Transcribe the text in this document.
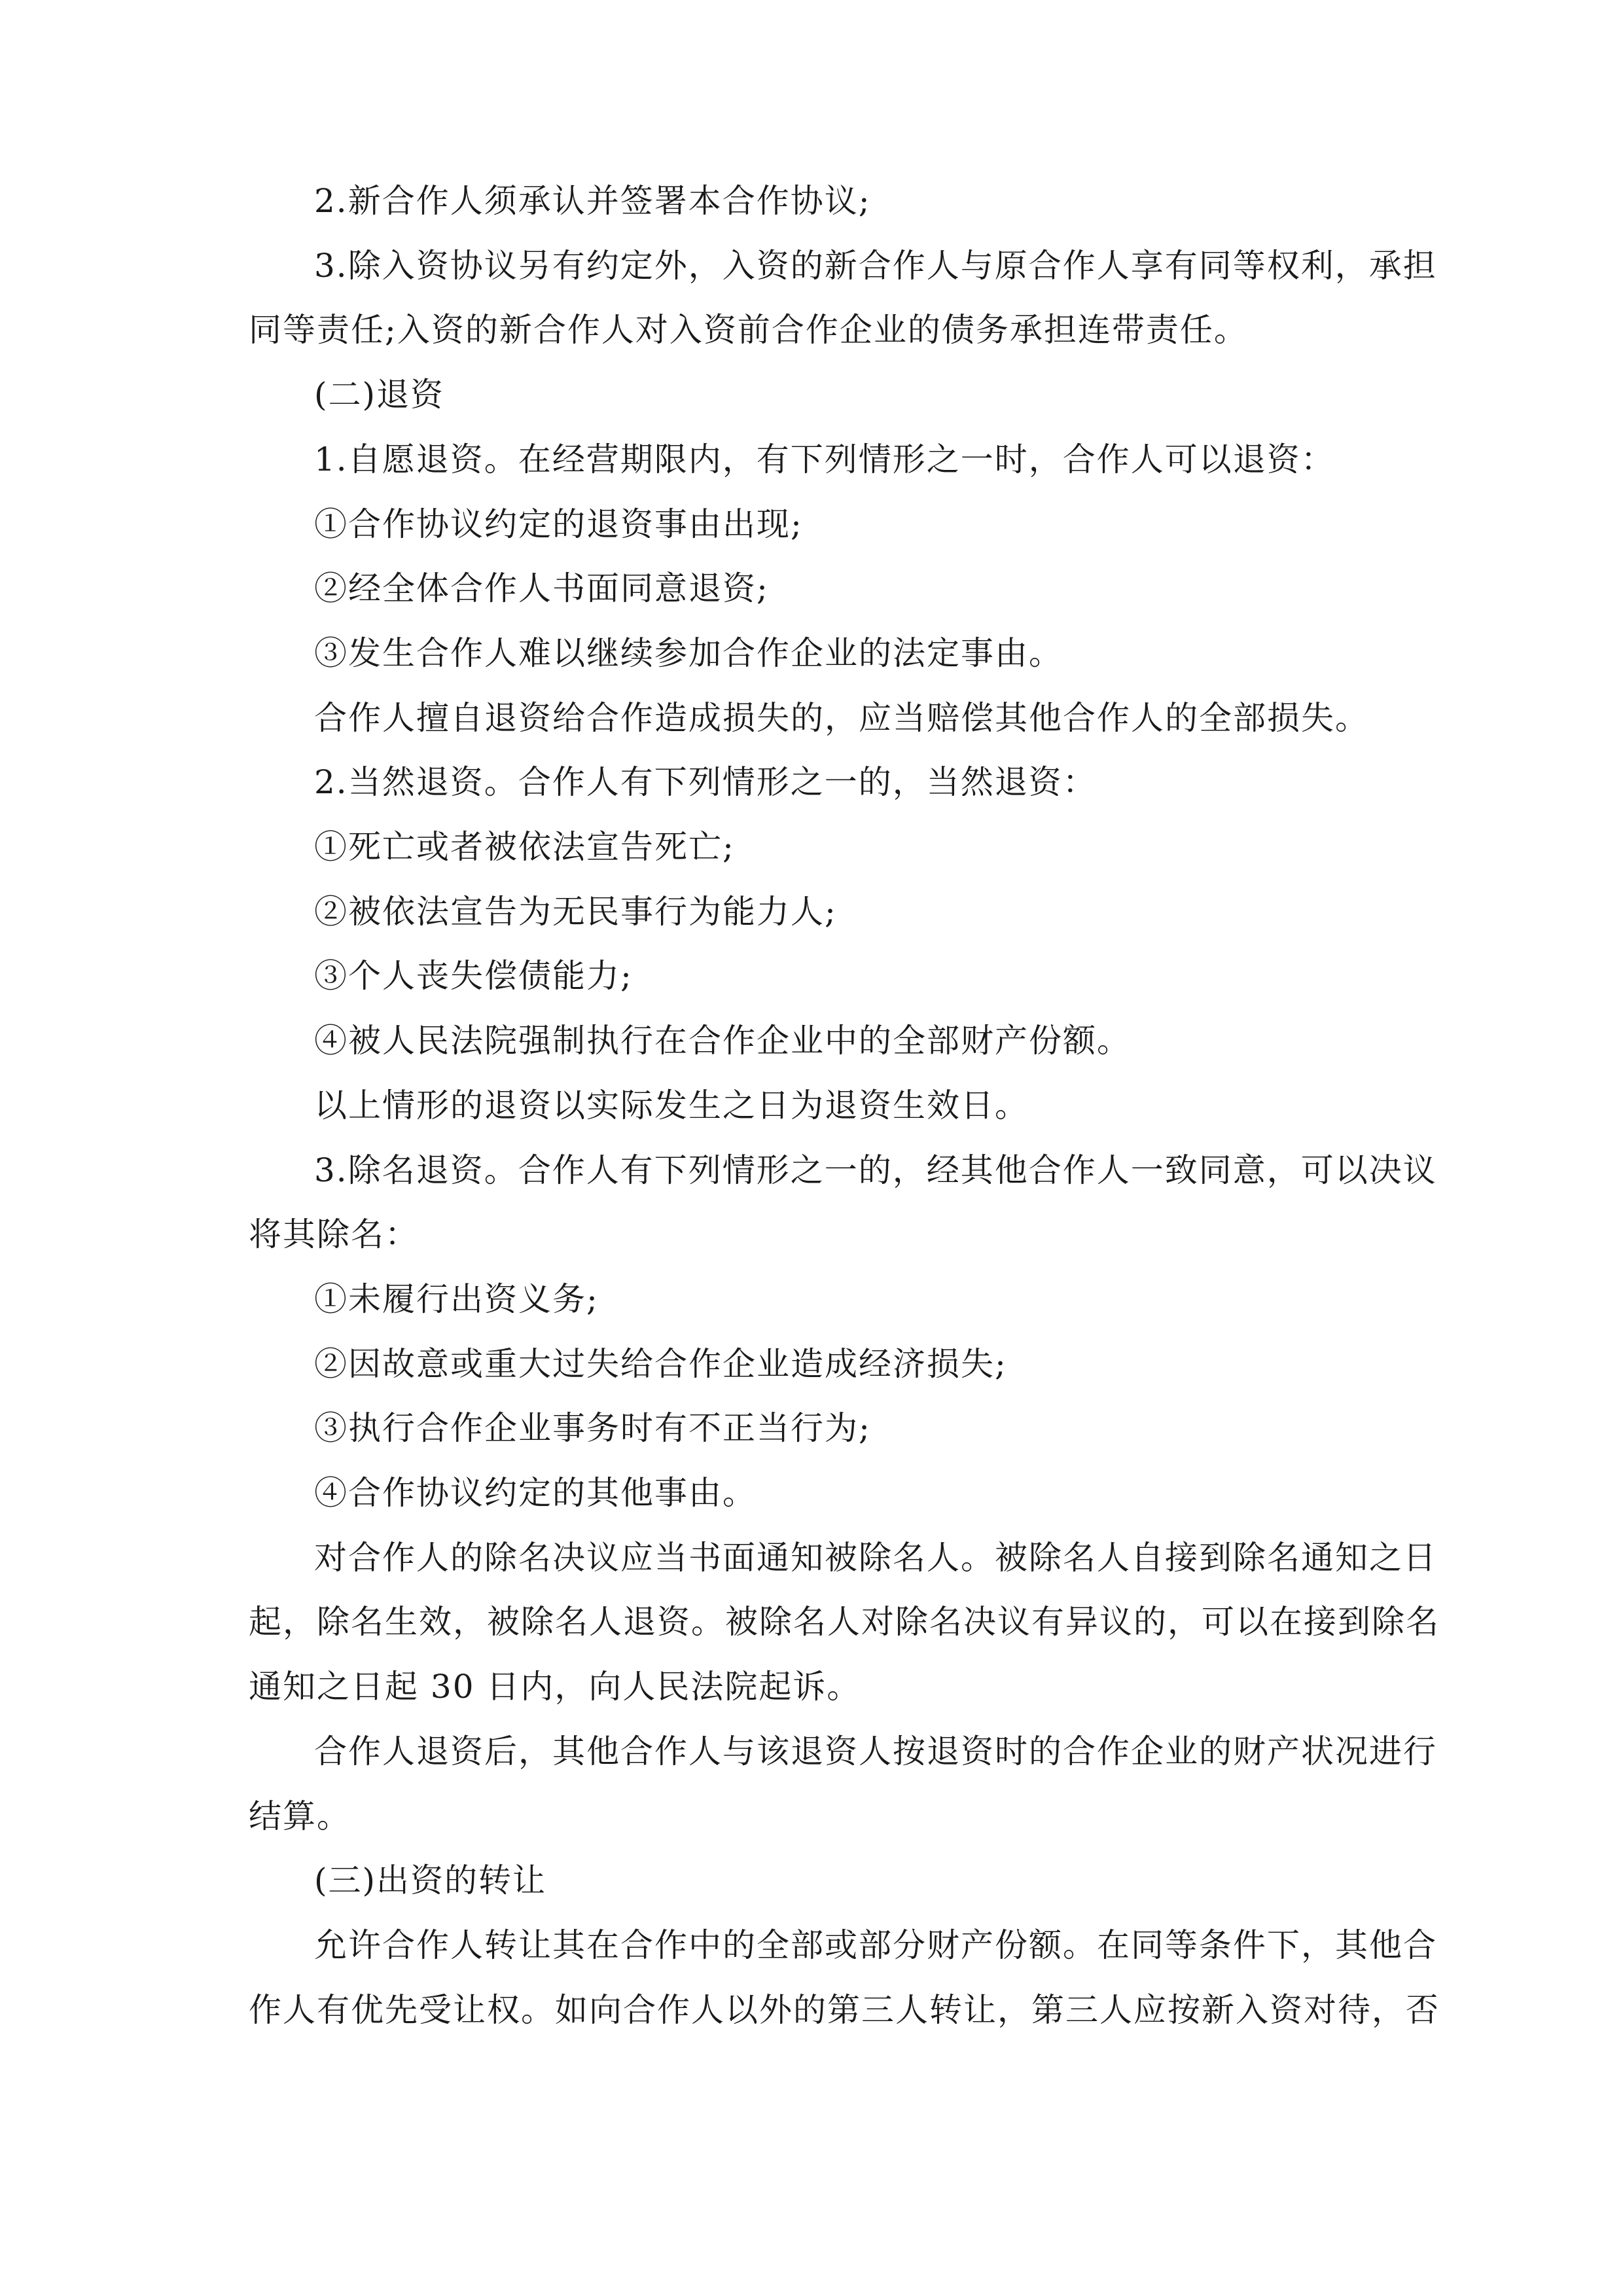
2.新合作人须承认并签署本合作协议;
3.除入资协议另有约定外，入资的新合作人与原合作人享有同等权利，承担
同等责任;入资的新合作人对入资前合作企业的债务承担连带责任。
(二)退资
1.自愿退资。在经营期限内，有下列情形之一时，合作人可以退资：
①合作协议约定的退资事由出现;
②经全体合作人书面同意退资;
③发生合作人难以继续参加合作企业的法定事由。
合作人擅自退资给合作造成损失的，应当赔偿其他合作人的全部损失。
2.当然退资。合作人有下列情形之一的，当然退资：
①死亡或者被依法宣告死亡;
②被依法宣告为无民事行为能力人;
③个人丧失偿债能力;
④被人民法院强制执行在合作企业中的全部财产份额。
以上情形的退资以实际发生之日为退资生效日。
3.除名退资。合作人有下列情形之一的，经其他合作人一致同意，可以决议
将其除名：
①未履行出资义务;
②因故意或重大过失给合作企业造成经济损失;
③执行合作企业事务时有不正当行为;
④合作协议约定的其他事由。
对合作人的除名决议应当书面通知被除名人。被除名人自接到除名通知之日
起，除名生效，被除名人退资。被除名人对除名决议有异议的，可以在接到除名
通知之日起 30 日内，向人民法院起诉。
合作人退资后，其他合作人与该退资人按退资时的合作企业的财产状况进行
结算。
(三)出资的转让
允许合作人转让其在合作中的全部或部分财产份额。在同等条件下，其他合
作人有优先受让权。如向合作人以外的第三人转让，第三人应按新入资对待，否
